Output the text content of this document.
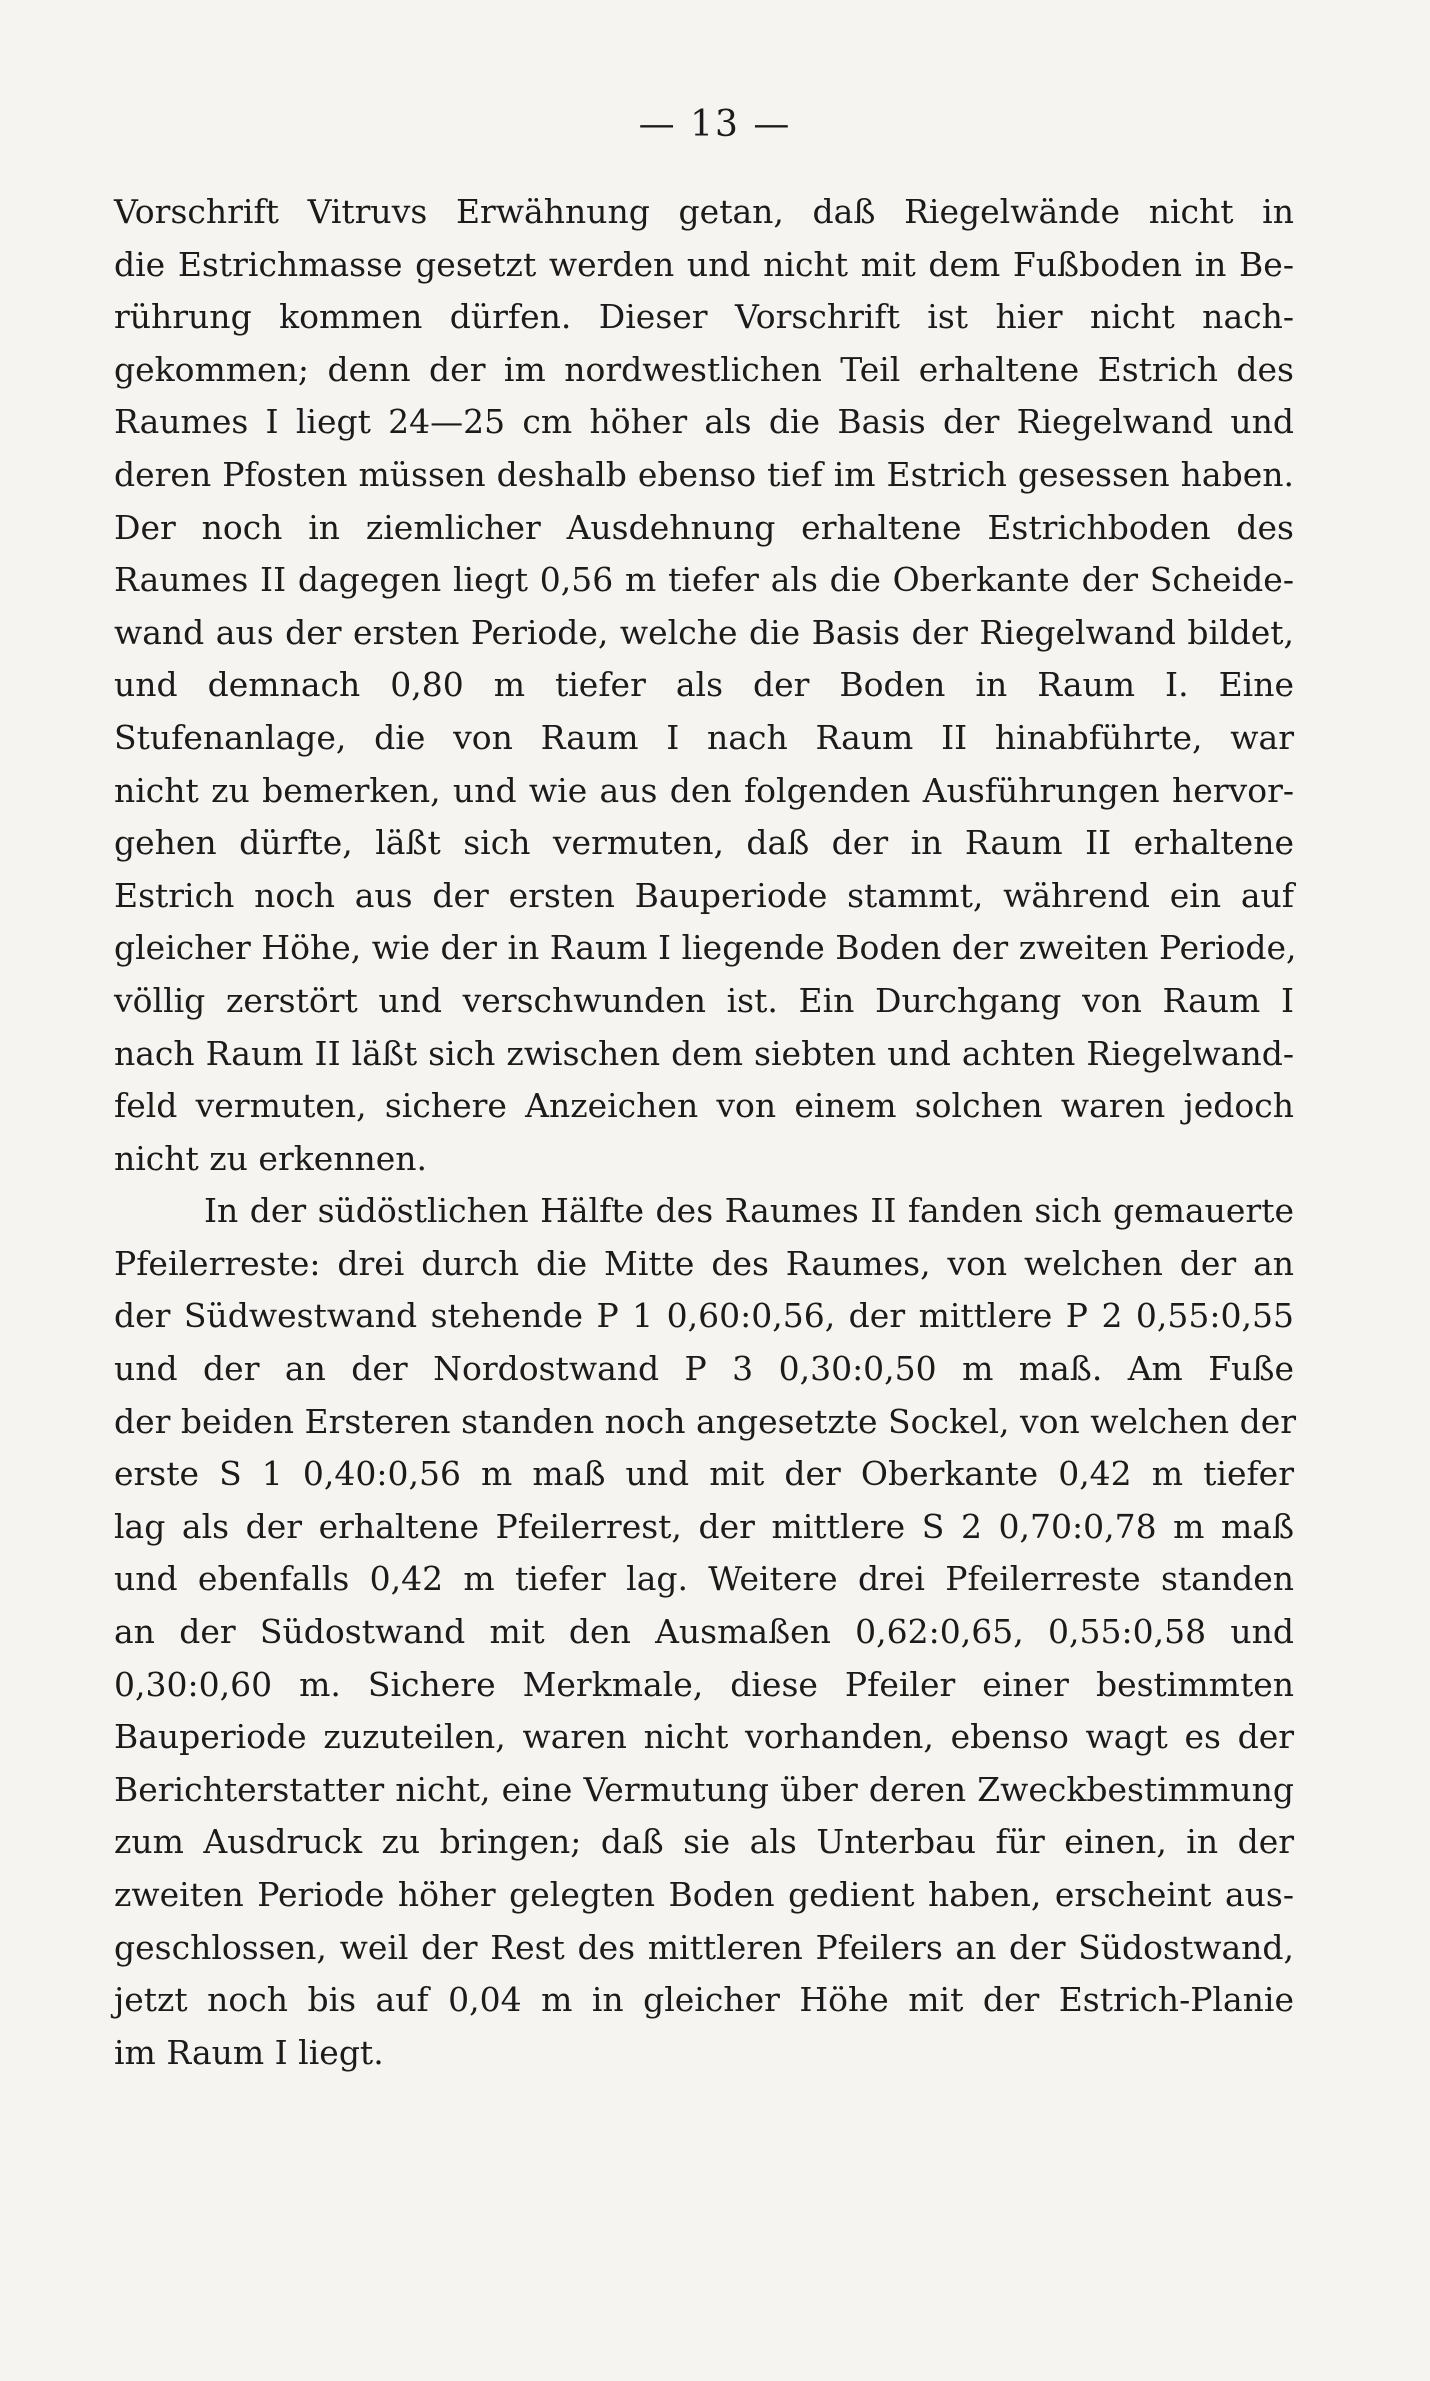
— 13 —
Vorschrift Vitruvs Erwähnung getan, daß Riegelwände nicht in
die Estrichmasse gesetzt werden und nicht mit dem Fußboden in Be-
rührung kommen dürfen. Dieser Vorschrift ist hier nicht nach-
gekommen; denn der im nordwestlichen Teil erhaltene Estrich des
Raumes I liegt 24—25 cm höher als die Basis der Riegelwand und
deren Pfosten müssen deshalb ebenso tief im Estrich gesessen haben.
Der noch in ziemlicher Ausdehnung erhaltene Estrichboden des
Raumes II dagegen liegt 0,56 m tiefer als die Oberkante der Scheide-
wand aus der ersten Periode, welche die Basis der Riegelwand bildet,
und demnach 0,80 m tiefer als der Boden in Raum I. Eine
Stufenanlage, die von Raum I nach Raum II hinabführte, war
nicht zu bemerken, und wie aus den folgenden Ausführungen hervor-
gehen dürfte, läßt sich vermuten, daß der in Raum II erhaltene
Estrich noch aus der ersten Bauperiode stammt, während ein auf
gleicher Höhe, wie der in Raum I liegende Boden der zweiten Periode,
völlig zerstört und verschwunden ist. Ein Durchgang von Raum I
nach Raum II läßt sich zwischen dem siebten und achten Riegelwand-
feld vermuten, sichere Anzeichen von einem solchen waren jedoch
nicht zu erkennen.
In der südöstlichen Hälfte des Raumes II fanden sich gemauerte
Pfeilerreste: drei durch die Mitte des Raumes, von welchen der an
der Südwestwand stehende P 1 0,60:0,56, der mittlere P 2 0,55:0,55
und der an der Nordostwand P 3 0,30:0,50 m maß. Am Fuße
der beiden Ersteren standen noch angesetzte Sockel, von welchen der
erste S 1 0,40:0,56 m maß und mit der Oberkante 0,42 m tiefer
lag als der erhaltene Pfeilerrest, der mittlere S 2 0,70:0,78 m maß
und ebenfalls 0,42 m tiefer lag. Weitere drei Pfeilerreste standen
an der Südostwand mit den Ausmaßen 0,62:0,65, 0,55:0,58 und
0,30:0,60 m. Sichere Merkmale, diese Pfeiler einer bestimmten
Bauperiode zuzuteilen, waren nicht vorhanden, ebenso wagt es der
Berichterstatter nicht, eine Vermutung über deren Zweckbestimmung
zum Ausdruck zu bringen; daß sie als Unterbau für einen, in der
zweiten Periode höher gelegten Boden gedient haben, erscheint aus-
geschlossen, weil der Rest des mittleren Pfeilers an der Südostwand,
jetzt noch bis auf 0,04 m in gleicher Höhe mit der Estrich-Planie
im Raum I liegt.
